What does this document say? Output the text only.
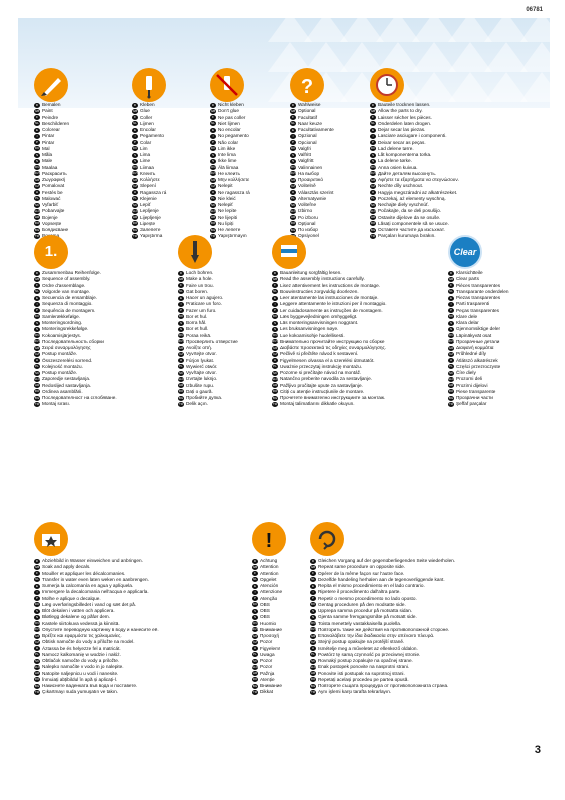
06781
D Bemalen
GB Paint
F Peindre
NL Beschilderen
E Colorear
I Pintar
P Pintar
DK Mal
S Måla
N Male
FIN Maalaa
RUS Раскрасить
GR Ζωγραφική
CZ Pomalovat
H Festés be
PL Malować
SK Vyfarbiť
SLO Pobarvajte
HR Bojenje
RO Vopsește
BG Боядисване
TR
D Kleben
GB Glue
F Coller
NL Lijmen
E Encolar
I Pegamento
P Colar
DK Lim
S Lima
N Lime
FIN Liimaa
RUS Клеить
GR Κολλήστε
CZ Slepení
H Ragassza rá
PL Klejenie
SK Lepiť
SLO Lepljenje
HR Lijepljenje
RO Lipește
BG Залепете
TR Yapıştırma
D Nicht kleben
GB Don't glue
F Ne pas coller
NL Niet lijmen
E No encolar
I No pegamento
P Não colar
DK Lim ikke
S Inte lima
N Ikke lime
FIN Älä liimaa
RUS Не клеить
GR Μην κολλήσετε
CZ Nelepit
H Ne ragassza rá
PL Nie kleić
SK Nelepiť
SLO Ne lepite
HR Ne lijepiti
RO Nu lipiți
BG Не лепете
TR Yapıştırmayın
?
D Wahlweise
GB Optional
F Facultatif
NL Naar keuze
E Facultativamente
I Opzional
P Opcional
DK Valgfri
S Valfritt
N Valgfritt
FIN Valinnainen
RUS На выбор
GR Προαιρετικό
CZ Volitelně
H Választás szerint
PL Alternatywnie
SK Voliteľne
SLO Izbirno
HR Po izboru
RO Opțional
BG По избор
Opsiyonel
D Bauteile trocknen lassen.
GB Allow the parts to dry.
F Laisser sécher les pièces.
NL Onderdelen laten drogen.
E Dejar secar las piezas.
I Lasciare asciugare i componenti.
P Deixar secar as peças.
DK Lad delene tørre.
S Låt komponenterna torka.
N La delene tørke.
FIN Anna osien kuivua.
RUS Дайте деталям высохнуть.
GR Αφήστε τα εξαρτήματα να στεγνώσουν.
CZ Nechte díly uschnout.
H Hagyja megszáradni az alkatrészeket.
PL Poczekaj, aż elementy wyschną.
SK Nechajte diely vyschnúť.
SLO Počakajte, da se deli posušijo.
HR Ostavite dijelove da se osuše.
RO Lăsați componentele să se usuce.
BG Оставете частите да изсъхнат.
TR Parçaları kurumaya bırakın.
1.
D Zusammenbau Reihenfolge.
GB Sequence of assembly.
F Ordre d'assemblage.
NL Volgorde van montage.
E Secuencia de ensamblaje.
I Sequenza di montaggio.
P Sequência de montagem.
DK Samlerækkefølge.
S Monteringsordning.
N Monteringsrekkefølge.
FIN Kokoamisjärjestys.
RUS Последовательность сборки
GR Σειρά συναρμολόγησης
CZ Postup montáže.
H Összeszerelési sorrend.
PL Kolejność montażu.
SK Postup montáže.
SLO Zaporedje sestavljanja.
HR Redoslijed sastavljanja.
RO Ordinea asamblării.
BG Последователност на сглобяване.
TR Montaj sırası.
D Loch bohren.
GB Make a hole.
F Faire un trou.
NL Gat boren.
E Hacer un agujero.
I Praticare un foro.
P Fazer um furo.
DK Bor et hul.
S Borra hål.
N Bor et hull.
FIN Poraa reikä.
RUS Просверлить отверстие
GR Ανοίξτε οπή.
CZ Vyvrtejte otvor.
H Fúrjon lyukat.
PL Wywierć otwór.
SK Vyvŕtajte otvor.
SLO Izvrtajte luknjo.
HR Izbušite rupu.
RO Dați o gaură.
BG Пробийте дупка.
TR Delik açın.
D Bauanleitung sorgfältig lesen.
GB Read the assembly instructions carefully.
F Lisez attentivement les instructions de montage.
NL Bouwinstructies zorgvuldig doorlezen.
E Leer atentamente las instrucciones de montaje.
I Leggere attentamente le istruzioni per il montaggio.
P Ler cuidadosamente as instruções de montagem.
DK Læs byggevejledningen omhyggeligt.
S Läs monteringsanvisningen noggrant.
N Les bruksanvisningen nøye.
FIN Lue kokoamisohje huolellisesti.
RUS Внимательно прочитайте инструкцию по сборке
GR Διαβάστε προσεκτικά τις οδηγίες συναρμολόγησης.
CZ Pečlivě si přečtěte návod k sestavení.
H Figyelmesen olvassa el a szerelési útmutatót.
PL Uważnie przeczytaj instrukcję montażu.
SK Pozorne si prečítajte návod na montáž.
SLO Natančno preberite navodila za sestavljanje.
HR Pažljivo pročitajte upute za sastavljanje.
RO Citiți cu atenție instrucțiunile de montare.
BG Прочетете внимателно инструкциите за монтаж.
TR Montaj talimatlarını dikkatle okuyun.
Clear
D Klarsichtteile
GB Clear parts
F Pièces transparentes
NL Transparante onderdelen
E Piezas transparentes
I Parti trasparenti
P Peças transparentes
DK Klare dele
S Klara delar
N Gjennomsiktige deler
FIN Läpinäkyvät osat
RUS Прозрачные детали
GR Διαφανή κομμάτια
CZ Průhledné díly
H Átlátszó alkatrészek
PL Części przezroczyste
SK Číre diely
SLO Prozorni deli
HR Prozirni dijelovi
RO Piese transparente
BG Прозрачни части
TR Şeffaf parçalar
D Abziehbild in Wasser einweichen und anbringen.
GB Soak and apply decals.
F Mouiller et appliquer les décalcomanies.
NL Transfer in water even laten weken en aanbrengen.
E Sumerja la calcomanía en agua y aplíquela.
I Immergere la decalcomania nell'acqua e applicarla.
P Molhe e aplique o decalque.
DK Læg overføringsbilledet i vand og sæt det på.
S Blöt dekalen i vatten och applicera.
N Bløtlegg dekalene og påfør dem.
FIN Kastele siirtokuva vedessä ja kiinnitä.
RUS Опустите переводную картинку в воду и нанесите её.
GR Βρέξτε και εφαρμόστε τις χαλκομανίες.
CZ Obtisk namočte do vody a přiložte na model.
H Áztassa be és helyezze fel a matricát.
PL Namocz kalkomanię w wodzie i nałóż.
SK Obtlačok namočte do vody a priložte.
SLO Nalepko namočite v vodo in jo nalepite.
HR Natopite naljepnicu u vodi i nanesite.
RO Înmuiați abțibildul în apă și aplicați-l.
BG Накиснете ваденката във вода и поставете.
TR Çıkartmayı suda yumuşatın ve takın.
!
D Achtung
GB Attention
F Attention
NL Opgelet
E Atención
I Attenzione
P Atenção
DK OBS
S OBS
N OBS
FIN Huomio
RUS Внимание
GR Προσοχή
CZ Pozor
H Figyelem!
PL Uwaga
SK Pozor
SLO Pozor
HR Pažnja
RO Atenție
BG Внимание
TR Dikkat
D Gleichen Vorgang auf der gegenüberliegenden Seite wiederholen.
GB Repeat same procedure on opposite side.
F Opérer de la même façon sur l'autre face.
NL Dezelfde handeling herhalen aan de tegenoverliggende kant.
E Repita el mismo procedimiento en el lado contrario.
I Ripetere il procedimento dall'altra parte.
P Repetir o mesmo procedimento no lado oposto.
DK Gentag proceduren på den modsatte side.
S Upprepa samma procedur på motsatta sidan.
N Gjenta samme fremgangsmåte på motsatt side.
FIN Toista menettely vastakkaisella puolella.
RUS Повторить такие же действия на противоположной стороне.
GR Επαναλάβετε την ίδια διαδικασία στην απέναντι πλευρά.
CZ Stejný postup opakujte na protější straně.
H Ismételje meg a műveletet az ellenkező oldalon.
PL Powtórz tę samą czynność po przeciwnej stronie.
SK Rovnaký postup zopakujte na opačnej strane.
SLO Enak postopek ponovite na nasprotni strani.
HR Ponovite isti postupak na suprotnoj strani.
RO Repetați același procedeu pe partea opusă.
BG Повторете същата процедура от противоположната страна.
TR Aynı işlemi karşı tarafta tekrarlayın.
3
